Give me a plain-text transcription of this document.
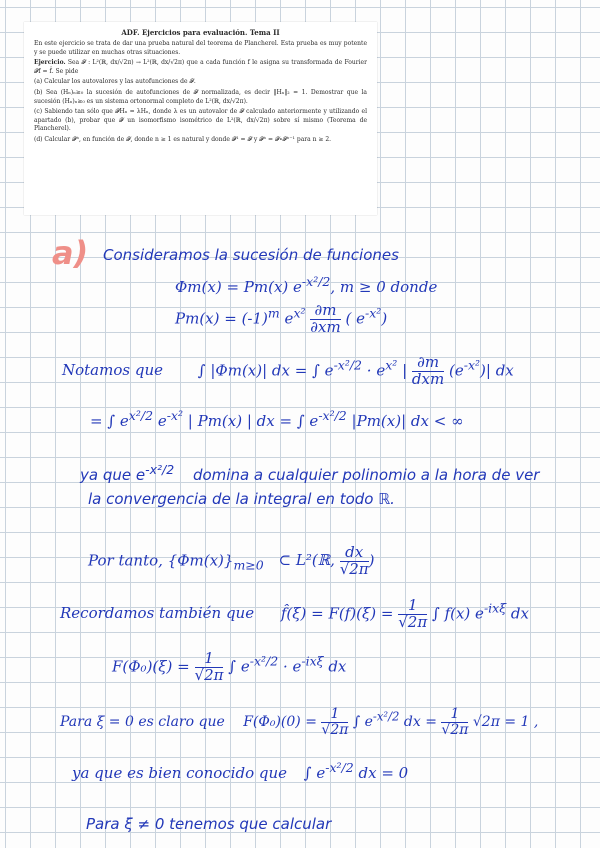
ADF. Ejercicios para evaluación. Tema II

En este ejercicio se trata de dar una prueba natural del teorema de Plancherel. Esta prueba es muy potente y se puede utilizar en muchas otras situaciones.

Ejercicio. Sea 𝓕 : L²(ℝ, dx/√2π) → L²(ℝ, dx/√2π) que a cada función f le asigna su transformada de Fourier 𝓕f = f̂. Se pide

(a) Calcular los autovalores y las autofunciones de 𝓕.

(b) Sea (Hₙ)ₙ≥₀ la sucesión de autofunciones de 𝓕 normalizada, es decir ‖Hₙ‖₂ = 1. Demostrar que la sucesión (Hₙ)ₙ≥₀ es un sistema ortonormal completo de L²(ℝ, dx/√2π).

(c) Sabiendo tan sólo que 𝓕Hₙ = λHₙ, donde λ es un autovalor de 𝓕 calculado anteriormente y utilizando el apartado (b), probar que 𝓕 un isomorfismo isométrico de L²(ℝ, dx/√2π) sobre sí mismo (Teorema de Plancherel).

(d) Calcular 𝓕ⁿ, en función de 𝓕, donde n ≥ 1 es natural y donde 𝓕¹ = 𝓕 y 𝓕ⁿ = 𝓕∘𝓕ⁿ⁻¹ para n ≥ 2.

a) Consideramos la sucesión de funciones
Φm(x) = Pm(x) $e^{-x^2/2}$, m ≥ 0 donde
$Pm(x) = (-1)^m$ $e^{x^2} \frac{\partial m}{\partial xm}$ ( $e^{-x^2}$)
Notamos que ∫ |Φm(x)| dx = ∫ $e^{-x^2/2} \cdot e^{x^2}$ | $\frac{\partial m}{\text{dxm}} (e^{-x^2})|$ dx
= ∫ $e^{x^2/2}$ $e^{-x^2}$ | Pm(x) | dx = ∫ $e^{-x^2/2}$ |Pm(x)| dx < ∞
ya que $e^{-x^2/2}$ domina a cualquier polinomio a la hora de ver
la convergencia de la integral en todo ℝ.
Por tanto, $\{\Phi m(x)\}_{m\ge 0}$ ⊂ L²(ℝ, $\frac{dx}{√2\pi}$ )
Recordamos también que f̂(ξ) = $F(f)(\xi) = \frac{1}{√2\pi}$ ∫ f(x) $e^{-ix\xi}$ dx
$F(\Phi_0)(\xi) = \frac{1}{√2\pi}$ ∫ $e^{-x^2/2} \cdot e^{-ix\xi}$ dx
Para ξ = 0 es claro que $F(\Phi_0)(0) = \frac{1}{√2\pi}$ ∫ $e^{-x^2/2}$ dx = $\frac{1}{√2\pi} √2\pi = 1$ ,
ya que es bien conocido que ∫ $e^{-x^2/2}$ dx = 0
Para ξ ≠ 0 tenemos que calcular
